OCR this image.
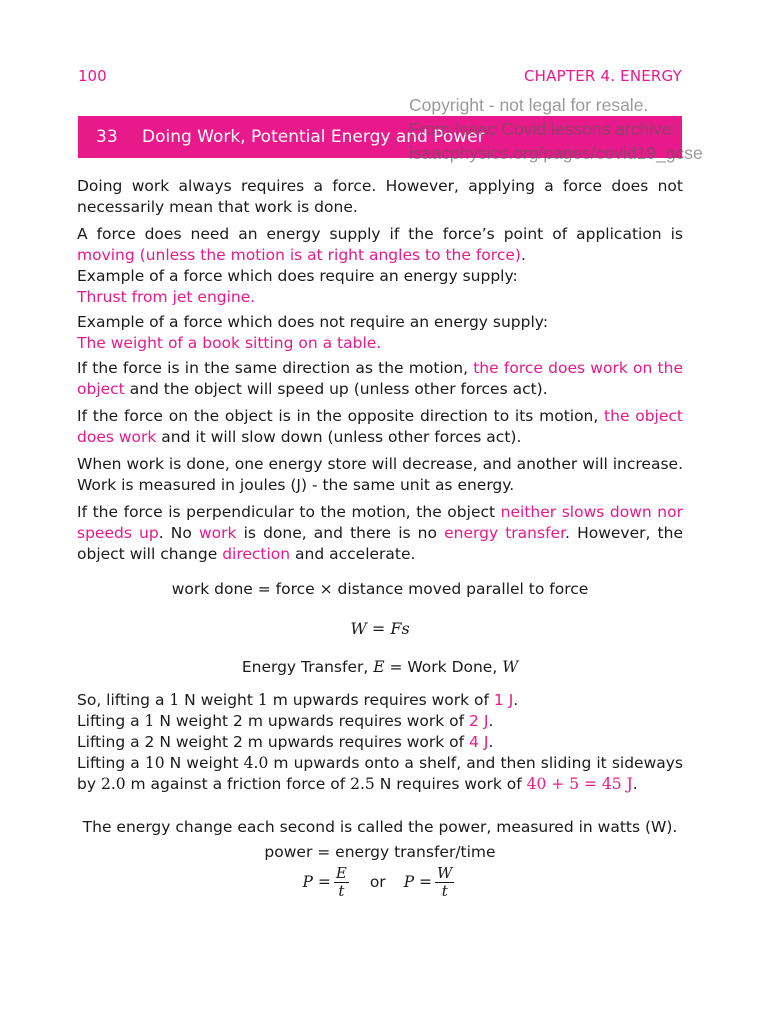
100	CHAPTER 4. ENERGY
33	Doing Work, Potential Energy and Power
Copyright - not legal for resale.
From Isaac Covid lessons archive:
isaacphysics.org/pages/covid19_gcse

Doing work always requires a force. However, applying a force does not necessarily mean that work is done.

A force does need an energy supply if the force’s point of application is moving (unless the motion is at right angles to the force).

Example of a force which does require an energy supply:
Thrust from jet engine.

Example of a force which does not require an energy supply:
The weight of a book sitting on a table.

If the force is in the same direction as the motion, the force does work on the object and the object will speed up (unless other forces act).

If the force on the object is in the opposite direction to its motion, the object does work and it will slow down (unless other forces act).

When work is done, one energy store will decrease, and another will increase. Work is measured in joules (J) - the same unit as energy.

If the force is perpendicular to the motion, the object neither slows down nor speeds up. No work is done, and there is no energy transfer. However, the object will change direction and accelerate.

work done = force × distance moved parallel to force

W = Fs

Energy Transfer, E = Work Done, W

So, lifting a 1 N weight 1 m upwards requires work of 1 J.
Lifting a 1 N weight 2 m upwards requires work of 2 J.
Lifting a 2 N weight 2 m upwards requires work of 4 J.
Lifting a 10 N weight 4.0 m upwards onto a shelf, and then sliding it sideways by 2.0 m against a friction force of 2.5 N requires work of 40 + 5 = 45 J.

The energy change each second is called the power, measured in watts (W).

power = energy transfer/time

$P = \frac{E}{t}$ or $P = \frac{W}{t}$
